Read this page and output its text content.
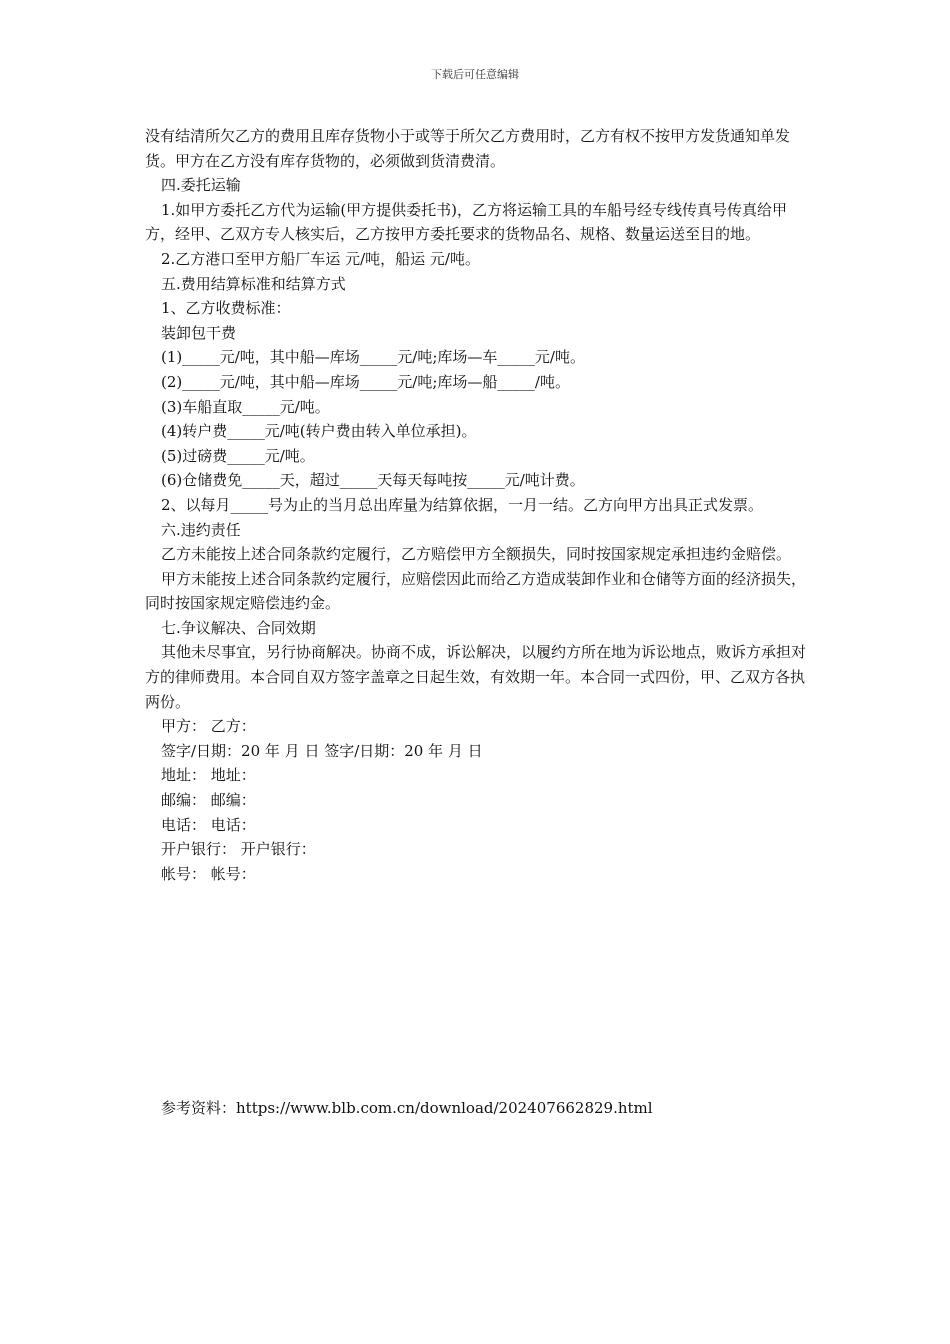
下载后可任意编辑

没有结清所欠乙方的费用且库存货物小于或等于所欠乙方费用时，乙方有权不按甲方发货通知单发货。甲方在乙方没有库存货物的，必须做到货清费清。

四.委托运输

1.如甲方委托乙方代为运输(甲方提供委托书)，乙方将运输工具的车船号经专线传真号传真给甲方，经甲、乙双方专人核实后，乙方按甲方委托要求的货物品名、规格、数量运送至目的地。

2.乙方港口至甲方船厂车运 元/吨，船运 元/吨。

五.费用结算标准和结算方式

1、乙方收费标准：

装卸包干费

(1)_____元/吨，其中船—库场_____元/吨;库场—车_____元/吨。

(2)_____元/吨，其中船—库场_____元/吨;库场—船_____/吨。

(3)车船直取_____元/吨。

(4)转户费_____元/吨(转户费由转入单位承担)。

(5)过磅费_____元/吨。

(6)仓储费免_____天，超过_____天每天每吨按_____元/吨计费。

2、以每月_____号为止的当月总出库量为结算依据，一月一结。乙方向甲方出具正式发票。

六.违约责任

乙方未能按上述合同条款约定履行，乙方赔偿甲方全额损失，同时按国家规定承担违约金赔偿。

甲方未能按上述合同条款约定履行，应赔偿因此而给乙方造成装卸作业和仓储等方面的经济损失，同时按国家规定赔偿违约金。

七.争议解决、合同效期

其他未尽事宜，另行协商解决。协商不成，诉讼解决，以履约方所在地为诉讼地点，败诉方承担对方的律师费用。本合同自双方签字盖章之日起生效，有效期一年。本合同一式四份，甲、乙双方各执两份。

甲方： 乙方：

签字/日期：20 年 月 日 签字/日期：20 年 月 日

地址： 地址：

邮编： 邮编：

电话： 电话：

开户银行： 开户银行：

帐号： 帐号：

参考资料：https://www.blb.com.cn/download/202407662829.html
